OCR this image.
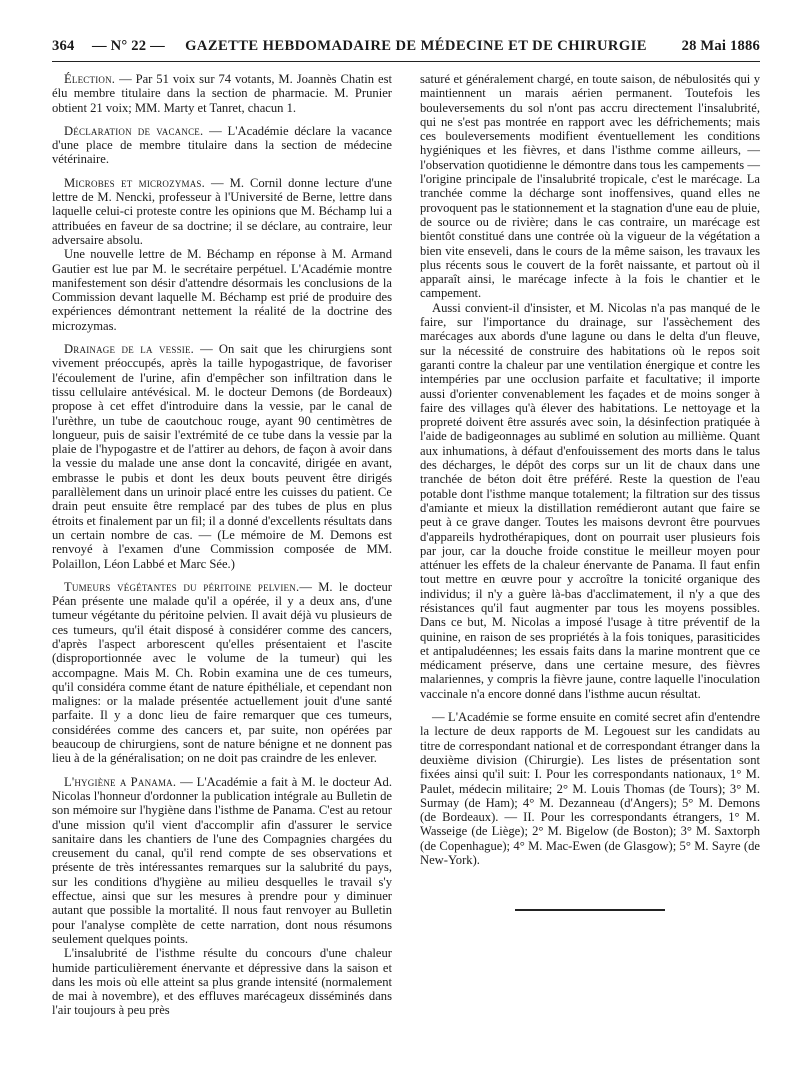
364	— N° 22 —	GAZETTE HEBDOMADAIRE DE MÉDECINE ET DE CHIRURGIE	28 Mai 1886

Élection. — Par 51 voix sur 74 votants, M. Joannès Chatin est élu membre titulaire dans la section de pharmacie. M. Prunier obtient 21 voix; MM. Marty et Tanret, chacun 1.

Déclaration de vacance. — L'Académie déclare la vacance d'une place de membre titulaire dans la section de médecine vétérinaire.

Microbes et microzymas. — M. Cornil donne lecture d'une lettre de M. Nencki, professeur à l'Université de Berne, lettre dans laquelle celui-ci proteste contre les opinions que M. Béchamp lui a attribuées en faveur de sa doctrine; il se déclare, au contraire, leur adversaire absolu.

Une nouvelle lettre de M. Béchamp en réponse à M. Armand Gautier est lue par M. le secrétaire perpétuel. L'Académie montre manifestement son désir d'attendre désormais les conclusions de la Commission devant laquelle M. Béchamp est prié de produire des expériences démontrant nettement la réalité de la doctrine des microzymas.

Drainage de la vessie. — On sait que les chirurgiens sont vivement préoccupés, après la taille hypogastrique, de favoriser l'écoulement de l'urine, afin d'empêcher son infiltration dans le tissu cellulaire antévésical. M. le docteur Demons (de Bordeaux) propose à cet effet d'introduire dans la vessie, par le canal de l'urèthre, un tube de caoutchouc rouge, ayant 90 centimètres de longueur, puis de saisir l'extrémité de ce tube dans la vessie par la plaie de l'hypogastre et de l'attirer au dehors, de façon à avoir dans la vessie du malade une anse dont la concavité, dirigée en avant, embrasse le pubis et dont les deux bouts peuvent être dirigés parallèlement dans un urinoir placé entre les cuisses du patient. Ce drain peut ensuite être remplacé par des tubes de plus en plus étroits et finalement par un fil; il a donné d'excellents résultats dans un certain nombre de cas. — (Le mémoire de M. Demons est renvoyé à l'examen d'une Commission composée de MM. Polaillon, Léon Labbé et Marc Sée.)

Tumeurs végétantes du péritoine pelvien.— M. le docteur Péan présente une malade qu'il a opérée, il y a deux ans, d'une tumeur végétante du péritoine pelvien. Il avait déjà vu plusieurs de ces tumeurs, qu'il était disposé à considérer comme des cancers, d'après l'aspect arborescent qu'elles présentaient et l'ascite (disproportionnée avec le volume de la tumeur) qui les accompagne. Mais M. Ch. Robin examina une de ces tumeurs, qu'il considéra comme étant de nature épithéliale, et cependant non malignes: or la malade présentée actuellement jouit d'une santé parfaite. Il y a donc lieu de faire remarquer que ces tumeurs, considérées comme des cancers et, par suite, non opérées par beaucoup de chirurgiens, sont de nature bénigne et ne donnent pas lieu à de la généralisation; on ne doit pas craindre de les enlever.

L'hygiène a Panama. — L'Académie a fait à M. le docteur Ad. Nicolas l'honneur d'ordonner la publication intégrale au Bulletin de son mémoire sur l'hygiène dans l'isthme de Panama. C'est au retour d'une mission qu'il vient d'accomplir afin d'assurer le service sanitaire dans les chantiers de l'une des Compagnies chargées du creusement du canal, qu'il rend compte de ses observations et présente de très intéressantes remarques sur la salubrité du pays, sur les conditions d'hygiène au milieu desquelles le travail s'y effectue, ainsi que sur les mesures à prendre pour y diminuer autant que possible la mortalité. Il nous faut renvoyer au Bulletin pour l'analyse complète de cette narration, dont nous résumons seulement quelques points.

L'insalubrité de l'isthme résulte du concours d'une chaleur humide particulièrement énervante et dépressive dans la saison et dans les mois où elle atteint sa plus grande intensité (normalement de mai à novembre), et des effluves marécageux disséminés dans l'air toujours à peu près

saturé et généralement chargé, en toute saison, de nébulosités qui y maintiennent un marais aérien permanent. Toutefois les bouleversements du sol n'ont pas accru directement l'insalubrité, qui ne s'est pas montrée en rapport avec les défrichements; mais ces bouleversements modifient éventuellement les conditions hygiéniques et les fièvres, et dans l'isthme comme ailleurs, — l'observation quotidienne le démontre dans tous les campements — l'origine principale de l'insalubrité tropicale, c'est le marécage. La tranchée comme la décharge sont inoffensives, quand elles ne provoquent pas le stationnement et la stagnation d'une eau de pluie, de source ou de rivière; dans le cas contraire, un marécage est bientôt constitué dans une contrée où la vigueur de la végétation a bien vite enseveli, dans le cours de la même saison, les travaux les plus récents sous le couvert de la forêt naissante, et partout où il apparaît ainsi, le marécage infecte à la fois le chantier et le campement.

Aussi convient-il d'insister, et M. Nicolas n'a pas manqué de le faire, sur l'importance du drainage, sur l'assèchement des marécages aux abords d'une lagune ou dans le delta d'un fleuve, sur la nécessité de construire des habitations où le repos soit garanti contre la chaleur par une ventilation énergique et contre les intempéries par une occlusion parfaite et facultative; il importe aussi d'orienter convenablement les façades et de moins songer à faire des villages qu'à élever des habitations. Le nettoyage et la propreté doivent être assurés avec soin, la désinfection pratiquée à l'aide de badigeonnages au sublimé en solution au millième. Quant aux inhumations, à défaut d'enfouissement des morts dans le talus des décharges, le dépôt des corps sur un lit de chaux dans une tranchée de béton doit être préféré. Reste la question de l'eau potable dont l'isthme manque totalement; la filtration sur des tissus d'amiante et mieux la distillation remédieront autant que faire se peut à ce grave danger. Toutes les maisons devront être pourvues d'appareils hydrothérapiques, dont on pourrait user plusieurs fois par jour, car la douche froide constitue le meilleur moyen pour atténuer les effets de la chaleur énervante de Panama. Il faut enfin tout mettre en œuvre pour y accroître la tonicité organique des individus; il n'y a guère là-bas d'acclimatement, il n'y a que des résistances qu'il faut augmenter par tous les moyens possibles. Dans ce but, M. Nicolas a imposé l'usage à titre préventif de la quinine, en raison de ses propriétés à la fois toniques, parasiticides et antipaludéennes; les essais faits dans la marine montrent que ce médicament préserve, dans une certaine mesure, des fièvres malariennes, y compris la fièvre jaune, contre laquelle l'inoculation vaccinale n'a encore donné dans l'isthme aucun résultat.

— L'Académie se forme ensuite en comité secret afin d'entendre la lecture de deux rapports de M. Legouest sur les candidats au titre de correspondant national et de correspondant étranger dans la deuxième division (Chirurgie). Les listes de présentation sont fixées ainsi qu'il suit: I. Pour les correspondants nationaux, 1° M. Paulet, médecin militaire; 2° M. Louis Thomas (de Tours); 3° M. Surmay (de Ham); 4° M. Dezanneau (d'Angers); 5° M. Demons (de Bordeaux). — II. Pour les correspondants étrangers, 1° M. Wasseige (de Liège); 2° M. Bigelow (de Boston); 3° M. Saxtorph (de Copenhague); 4° M. Mac-Ewen (de Glasgow); 5° M. Sayre (de New-York).
